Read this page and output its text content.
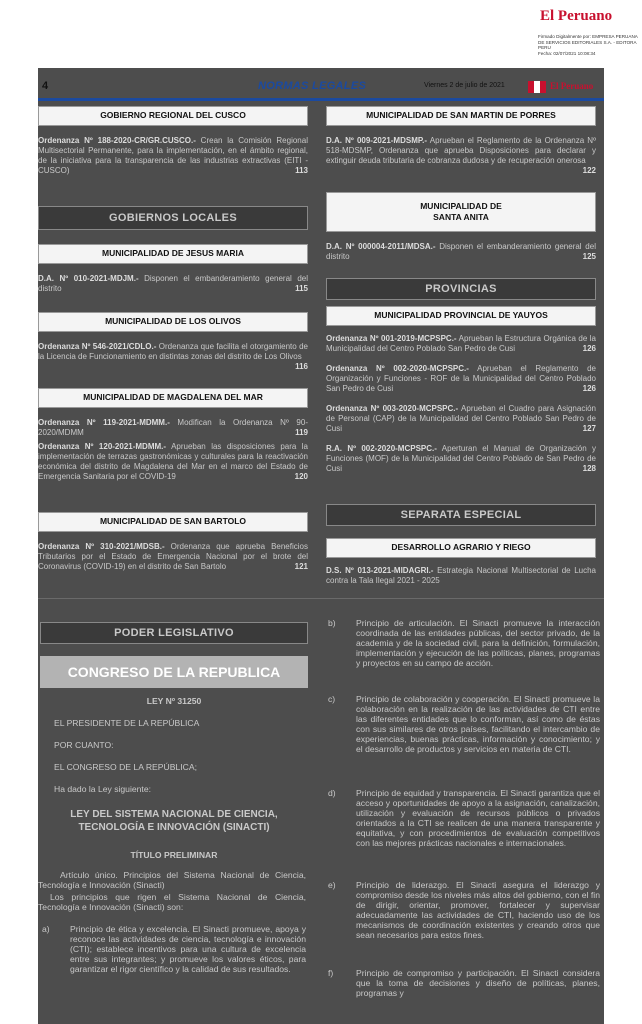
El Peruano
Firmado Digitalmente por: EMPRESA PERUANA DE SERVICIOS EDITORIALES S.A. - EDITORA PERU
Fecha: 02/07/2021 10:08:34
4	NORMAS LEGALES	Viernes 2 de julio de 2021	El Peruano
GOBIERNO REGIONAL DEL CUSCO
Ordenanza Nº 188-2020-CR/GR.CUSCO.- Crean la Comisión Regional Multisectorial Permanente, para la implementación, en el ámbito regional, de la iniciativa para la transparencia de las industrias extractivas (EITI - CUSCO)	113
GOBIERNOS LOCALES
MUNICIPALIDAD DE JESUS MARIA
D.A. Nº 010-2021-MDJM.- Disponen el embanderamiento general del distrito	115
MUNICIPALIDAD DE LOS OLIVOS
Ordenanza Nº 546-2021/CDLO.- Ordenanza que facilita el otorgamiento de la Licencia de Funcionamiento en distintas zonas del distrito de Los Olivos
116
MUNICIPALIDAD DE MAGDALENA DEL MAR
Ordenanza Nº 119-2021-MDMM.- Modifican la Ordenanza Nº 90-2020/MDMM	119
Ordenanza Nº 120-2021-MDMM.- Aprueban las disposiciones para la implementación de terrazas gastronómicas y culturales para la reactivación económica del distrito de Magdalena del Mar en el marco del Estado de Emergencia Sanitaria por el COVID-19	120
MUNICIPALIDAD DE SAN BARTOLO
Ordenanza Nº 310-2021/MDSB.- Ordenanza que aprueba Beneficios Tributarios por el Estado de Emergencia Nacional por el brote del Coronavirus (COVID-19) en el distrito de San Bartolo	121
MUNICIPALIDAD DE SAN MARTIN DE PORRES
D.A. Nº 009-2021-MDSMP.- Aprueban el Reglamento de la Ordenanza Nº 518-MDSMP, Ordenanza que aprueba Disposiciones para declarar y extinguir deuda tributaria de cobranza dudosa y de recuperación onerosa
122
MUNICIPALIDAD DE SANTA ANITA
D.A. Nº 000004-2011/MDSA.- Disponen el embanderamiento general del distrito	125
PROVINCIAS
MUNICIPALIDAD PROVINCIAL DE YAUYOS
Ordenanza Nº 001-2019-MCPSPC.- Aprueban la Estructura Orgánica de la Municipalidad del Centro Poblado San Pedro de Cusi	126
Ordenanza Nº 002-2020-MCPSPC.- Aprueban el Reglamento de Organización y Funciones - ROF de la Municipalidad del Centro Poblado San Pedro de Cusi	126
Ordenanza Nº 003-2020-MCPSPC.- Aprueban el Cuadro para Asignación de Personal (CAP) de la Municipalidad del Centro Poblado San Pedro de Cusi	127
R.A. Nº 002-2020-MCPSPC.- Aperturan el Manual de Organización y Funciones (MOF) de la Municipalidad del Centro Poblado de San Pedro de Cusi	128
SEPARATA ESPECIAL
DESARROLLO AGRARIO Y RIEGO
D.S. Nº 013-2021-MIDAGRI.- Estrategia Nacional Multisectorial de Lucha contra la Tala Ilegal 2021 - 2025
PODER LEGISLATIVO
CONGRESO DE LA REPUBLICA
LEY Nº 31250
EL PRESIDENTE DE LA REPÚBLICA
POR CUANTO:
EL CONGRESO DE LA REPÚBLICA;
Ha dado la Ley siguiente:
LEY DEL SISTEMA NACIONAL DE CIENCIA, TECNOLOGÍA E INNOVACIÓN (SINACTI)
TÍTULO PRELIMINAR
Artículo único. Principios del Sistema Nacional de Ciencia, Tecnología e Innovación (Sinacti)
Los principios que rigen el Sistema Nacional de Ciencia, Tecnología e Innovación (Sinacti) son:
a)	Principio de ética y excelencia. El Sinacti promueve, apoya y reconoce las actividades de ciencia, tecnología e innovación (CTI); establece incentivos para una cultura de excelencia entre sus integrantes; y promueve los valores éticos, para garantizar el rigor científico y la calidad de sus resultados.
b)	Principio de articulación. El Sinacti promueve la interacción coordinada de las entidades públicas, del sector privado, de la academia y de la sociedad civil, para la definición, formulación, implementación y ejecución de las políticas, planes, programas y proyectos en su campo de acción.
c)	Principio de colaboración y cooperación. El Sinacti promueve la colaboración en la realización de las actividades de CTI entre las diferentes entidades que lo conforman, así como de éstas con sus similares de otros países, facilitando el intercambio de experiencias, buenas prácticas, información y conocimiento; y el desarrollo de productos y servicios en materia de CTI.
d)	Principio de equidad y transparencia. El Sinacti garantiza que el acceso y oportunidades de apoyo a la asignación, canalización, utilización y evaluación de recursos públicos o privados orientados a la CTI se realicen de una manera transparente y equitativa, y con procedimientos de evaluación competitivos con las mejores prácticas nacionales e internacionales.
e)	Principio de liderazgo. El Sinacti asegura el liderazgo y compromiso desde los niveles más altos del gobierno, con el fin de dirigir, orientar, promover, fortalecer y supervisar adecuadamente las actividades de CTI, haciendo uso de los mecanismos de coordinación existentes y creando otros que sean necesarios para estos fines.
f)	Principio de compromiso y participación. El Sinacti considera que la toma de decisiones y diseño de políticas, planes, programas y
